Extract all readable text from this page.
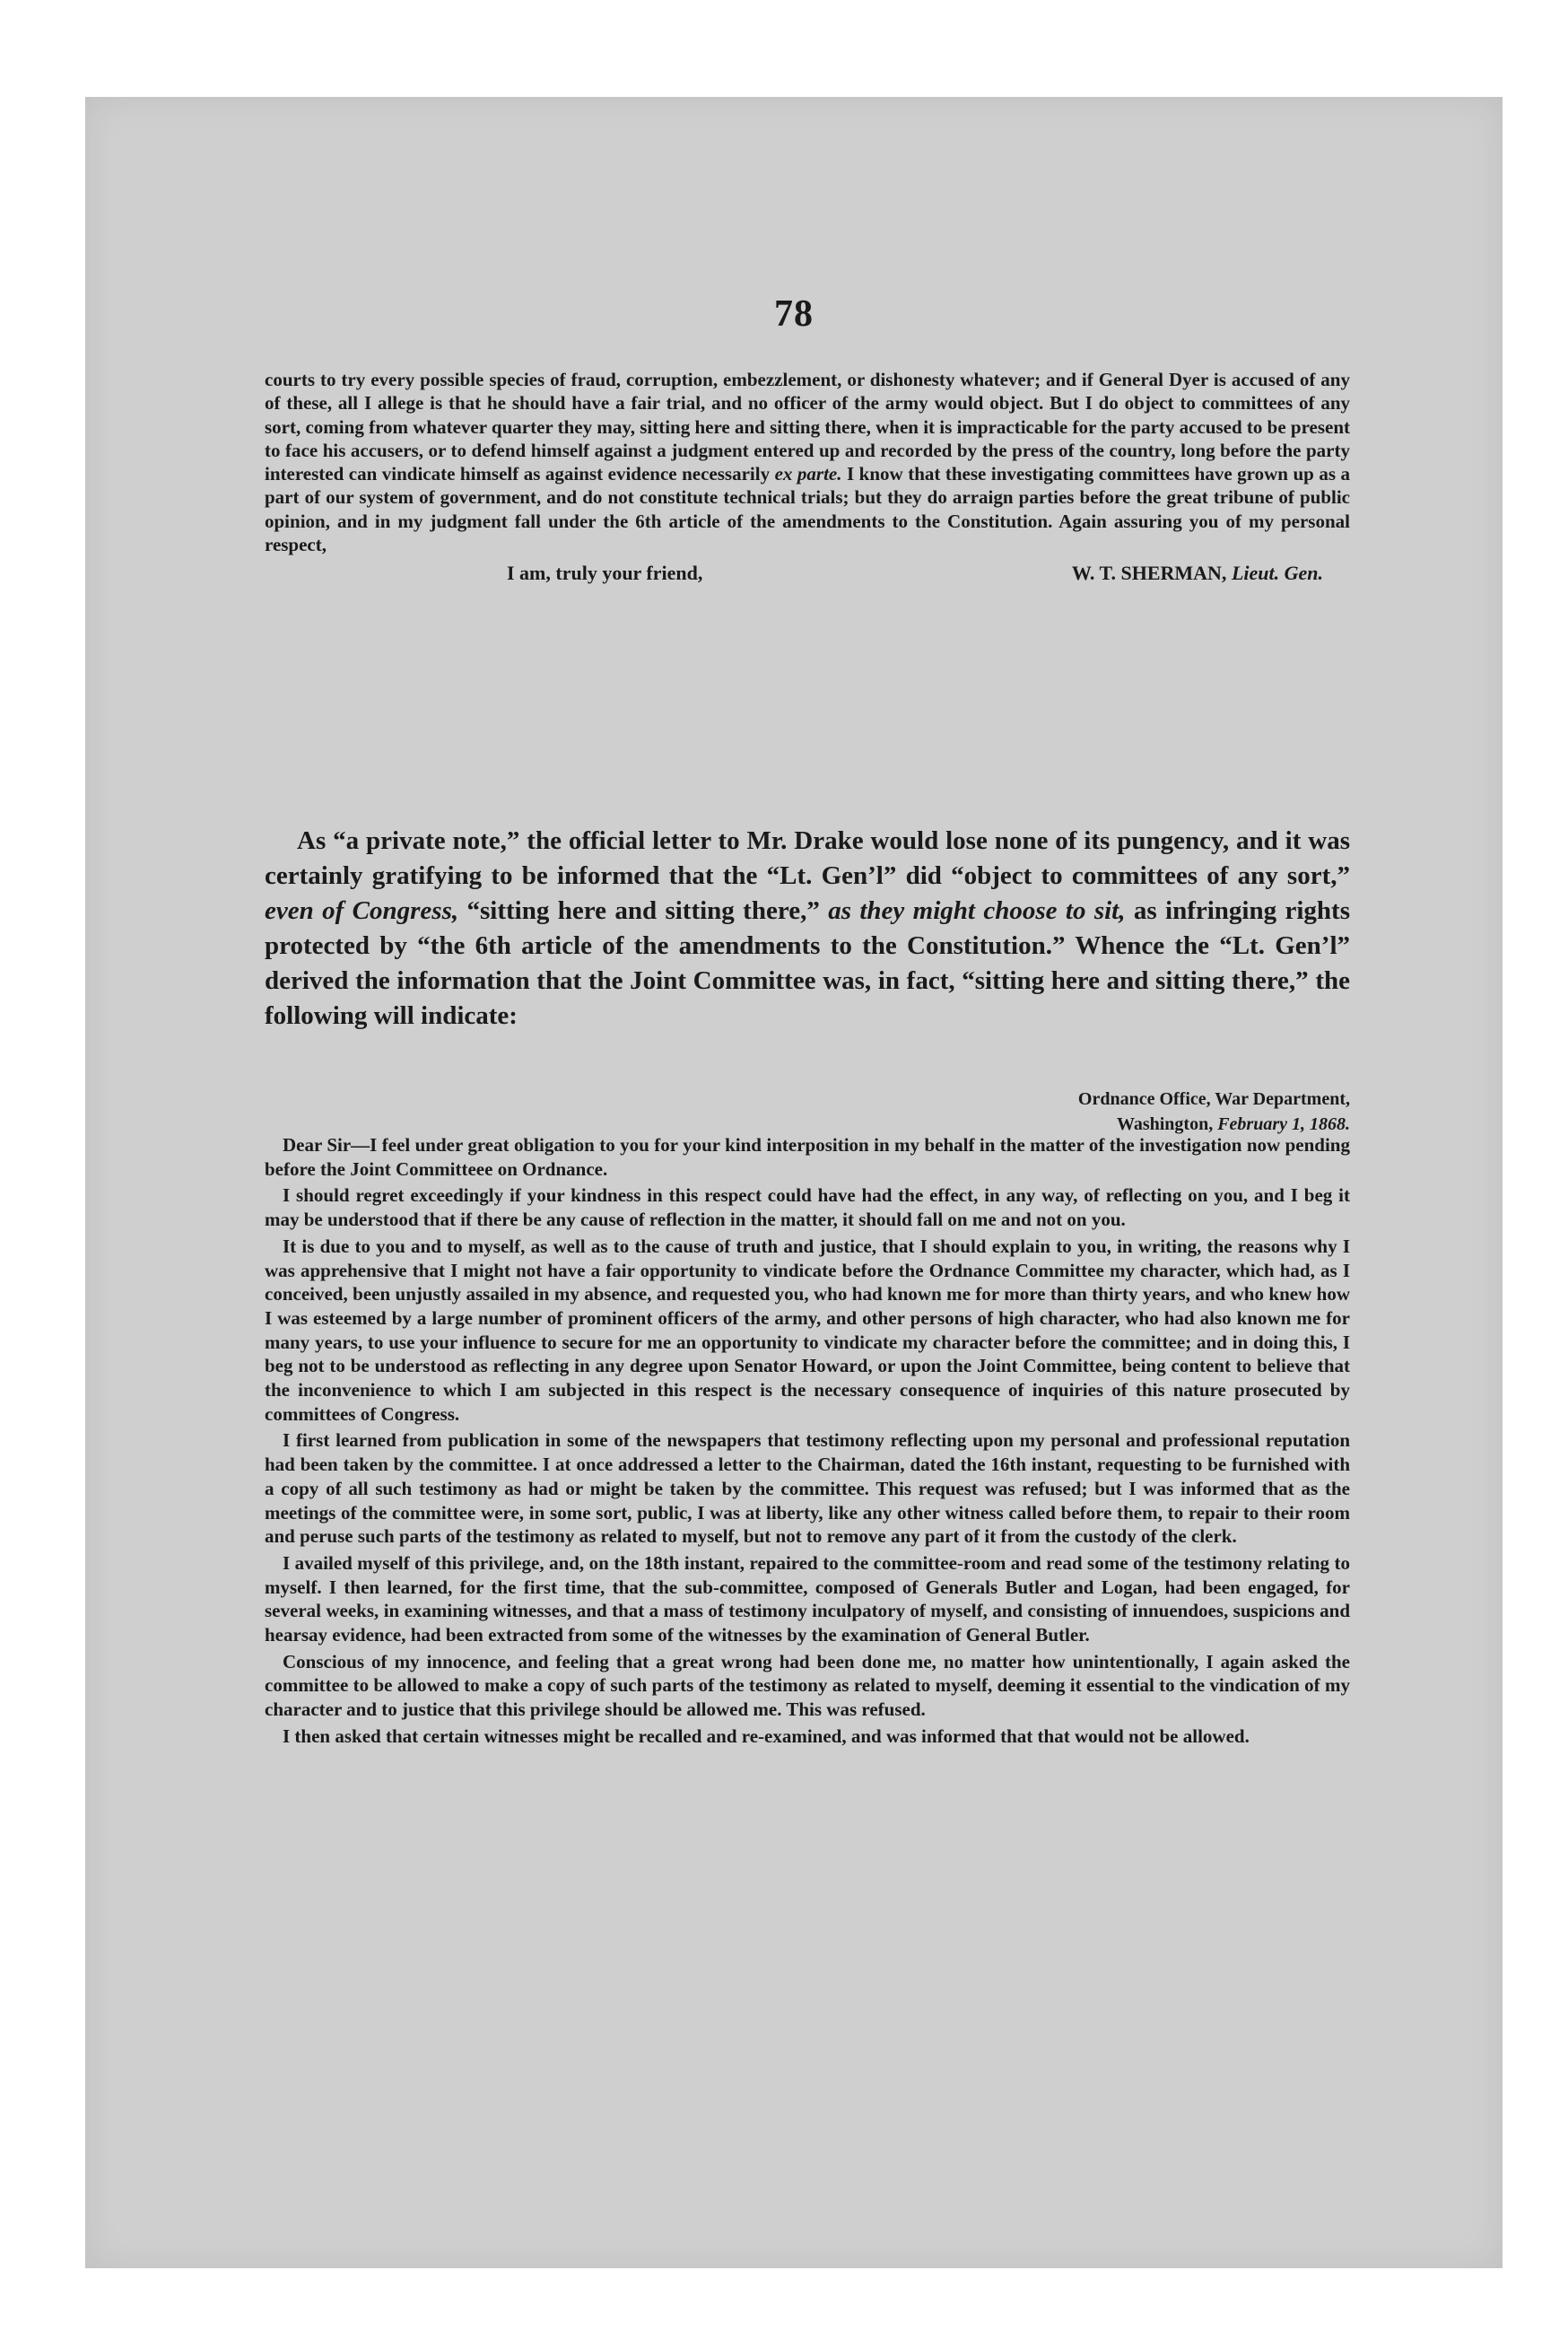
78

courts to try every possible species of fraud, corruption, embezzlement, or dishonesty whatever; and if General Dyer is accused of any of these, all I allege is that he should have a fair trial, and no officer of the army would object. But I do object to committees of any sort, coming from whatever quarter they may, sitting here and sitting there, when it is impracticable for the party accused to be present to face his accusers, or to defend himself against a judgment entered up and recorded by the press of the country, long before the party interested can vindicate himself as against evidence necessarily ex parte. I know that these investigating committees have grown up as a part of our system of government, and do not constitute technical trials; but they do arraign parties before the great tribune of public opinion, and in my judgment fall under the 6th article of the amendments to the Constitution. Again assuring you of my personal respect,

I am, truly your friend,	W. T. SHERMAN, Lieut. Gen.

As “a private note,” the official letter to Mr. Drake would lose none of its pungency, and it was certainly gratifying to be informed that the “Lt. Gen’l” did “object to committees of any sort,” even of Congress, “sitting here and sitting there,” as they might choose to sit, as infringing rights protected by “the 6th article of the amendments to the Constitution.” Whence the “Lt. Gen’l” derived the information that the Joint Committee was, in fact, “sitting here and sitting there,” the following will indicate:

Ordnance Office, War Department,
Washington, February 1, 1868.

Dear Sir—I feel under great obligation to you for your kind interposition in my behalf in the matter of the investigation now pending before the Joint Committeee on Ordnance.

I should regret exceedingly if your kindness in this respect could have had the effect, in any way, of reflecting on you, and I beg it may be understood that if there be any cause of reflection in the matter, it should fall on me and not on you.

It is due to you and to myself, as well as to the cause of truth and justice, that I should explain to you, in writing, the reasons why I was apprehensive that I might not have a fair opportunity to vindicate before the Ordnance Committee my character, which had, as I conceived, been unjustly assailed in my absence, and requested you, who had known me for more than thirty years, and who knew how I was esteemed by a large number of prominent officers of the army, and other persons of high character, who had also known me for many years, to use your influence to secure for me an opportunity to vindicate my character before the committee; and in doing this, I beg not to be understood as reflecting in any degree upon Senator Howard, or upon the Joint Committee, being content to believe that the inconvenience to which I am subjected in this respect is the necessary consequence of inquiries of this nature prosecuted by committees of Congress.

I first learned from publication in some of the newspapers that testimony reflecting upon my personal and professional reputation had been taken by the committee. I at once addressed a letter to the Chairman, dated the 16th instant, requesting to be furnished with a copy of all such testimony as had or might be taken by the committee. This request was refused; but I was informed that as the meetings of the committee were, in some sort, public, I was at liberty, like any other witness called before them, to repair to their room and peruse such parts of the testimony as related to myself, but not to remove any part of it from the custody of the clerk.

I availed myself of this privilege, and, on the 18th instant, repaired to the committee-room and read some of the testimony relating to myself. I then learned, for the first time, that the sub-committee, composed of Generals Butler and Logan, had been engaged, for several weeks, in examining witnesses, and that a mass of testimony inculpatory of myself, and consisting of innuendoes, suspicions and hearsay evidence, had been extracted from some of the witnesses by the examination of General Butler.

Conscious of my innocence, and feeling that a great wrong had been done me, no matter how unintentionally, I again asked the committee to be allowed to make a copy of such parts of the testimony as related to myself, deeming it essential to the vindication of my character and to justice that this privilege should be allowed me. This was refused.

I then asked that certain witnesses might be recalled and re-examined, and was informed that that would not be allowed.
